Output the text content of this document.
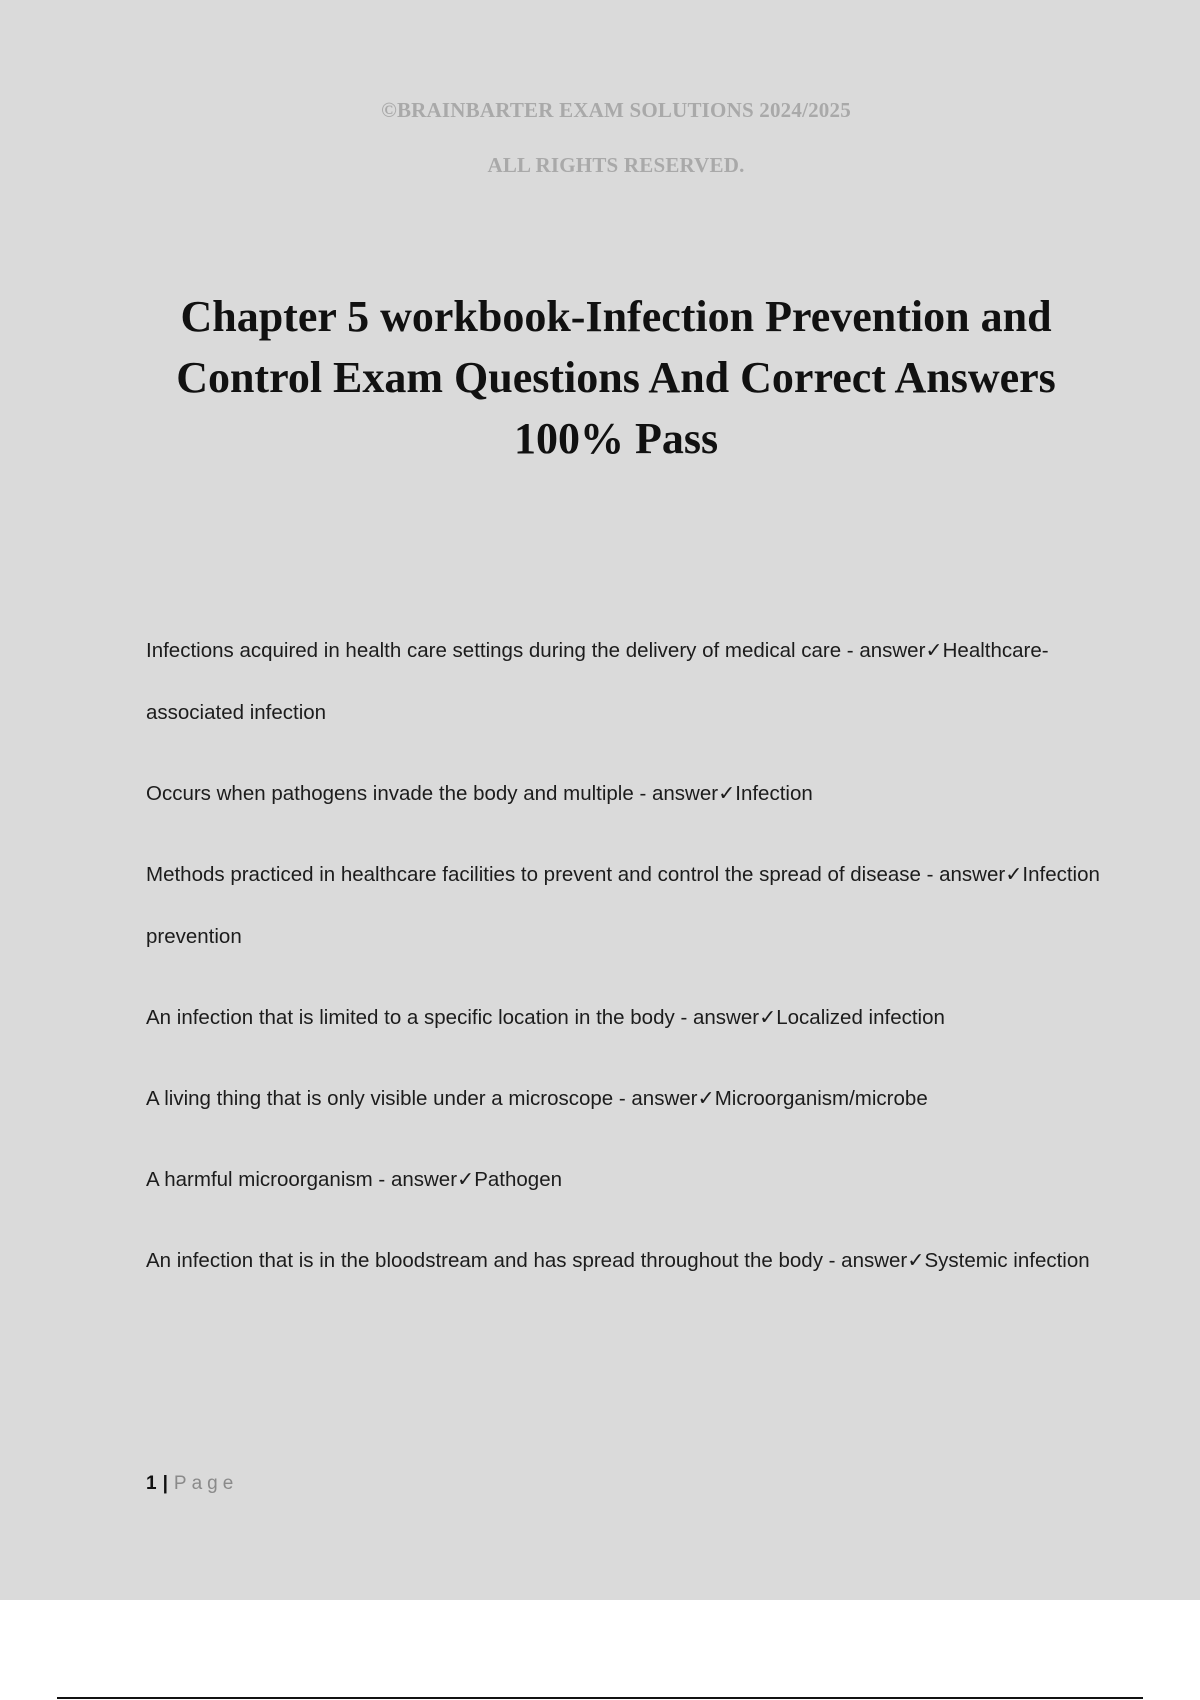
©BRAINBARTER EXAM SOLUTIONS 2024/2025

ALL RIGHTS RESERVED.

Chapter 5 workbook-Infection Prevention and Control Exam Questions And Correct Answers 100% Pass
Infections acquired in health care settings during the delivery of medical care - answer✓Healthcare-associated infection
Occurs when pathogens invade the body and multiple - answer✓Infection
Methods practiced in healthcare facilities to prevent and control the spread of disease - answer✓Infection prevention
An infection that is limited to a specific location in the body - answer✓Localized infection
A living thing that is only visible under a microscope - answer✓Microorganism/microbe
A harmful microorganism - answer✓Pathogen
An infection that is in the bloodstream and has spread throughout the body - answer✓Systemic infection
1 | Page
